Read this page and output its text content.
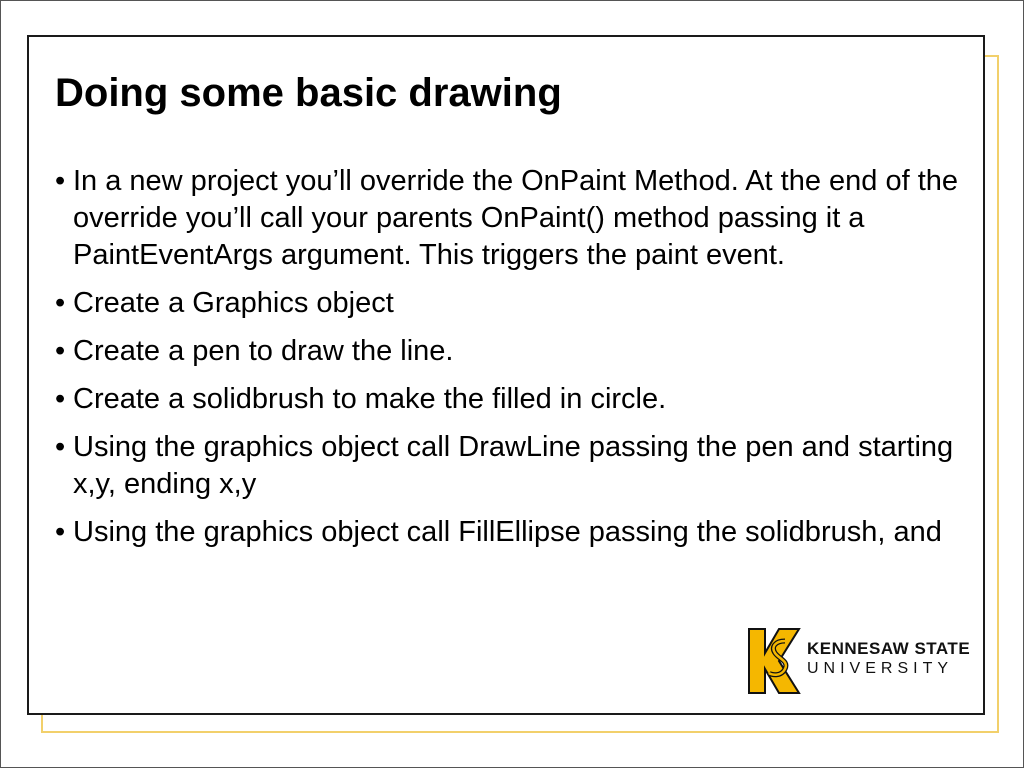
Doing some basic drawing
• In a new project you’ll override the OnPaint Method. At the end of the override you’ll call your parents OnPaint() method passing it a PaintEventArgs argument. This triggers the paint event.
• Create a Graphics object
• Create a pen to draw the line.
• Create a solidbrush to make the filled in circle.
• Using the graphics object call DrawLine passing the pen and starting x,y, ending x,y
• Using the graphics object call FillEllipse passing the solidbrush, and
KENNESAW STATE
UNIVERSITY
